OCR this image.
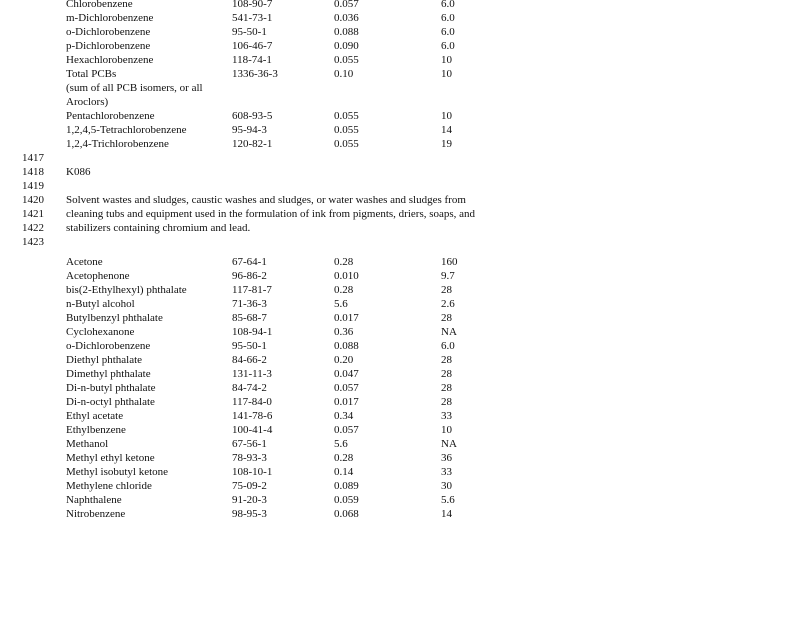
Chlorobenzene	108-90-7	0.057	6.0
m-Dichlorobenzene	541-73-1	0.036	6.0
o-Dichlorobenzene	95-50-1	0.088	6.0
p-Dichlorobenzene	106-46-7	0.090	6.0
Hexachlorobenzene	118-74-1	0.055	10
Total PCBs	1336-36-3	0.10	10
(sum of all PCB isomers, or all
Aroclors)
Pentachlorobenzene	608-93-5	0.055	10
1,2,4,5-Tetrachlorobenzene	95-94-3	0.055	14
1,2,4-Trichlorobenzene	120-82-1	0.055	19
1417
1418 K086
1419
1420 Solvent wastes and sludges, caustic washes and sludges, or water washes and sludges from
1421 cleaning tubs and equipment used in the formulation of ink from pigments, driers, soaps, and
1422 stabilizers containing chromium and lead.
1423
Acetone	67-64-1	0.28	160
Acetophenone	96-86-2	0.010	9.7
bis(2-Ethylhexyl) phthalate	117-81-7	0.28	28
n-Butyl alcohol	71-36-3	5.6	2.6
Butylbenzyl phthalate	85-68-7	0.017	28
Cyclohexanone	108-94-1	0.36	NA
o-Dichlorobenzene	95-50-1	0.088	6.0
Diethyl phthalate	84-66-2	0.20	28
Dimethyl phthalate	131-11-3	0.047	28
Di-n-butyl phthalate	84-74-2	0.057	28
Di-n-octyl phthalate	117-84-0	0.017	28
Ethyl acetate	141-78-6	0.34	33
Ethylbenzene	100-41-4	0.057	10
Methanol	67-56-1	5.6	NA
Methyl ethyl ketone	78-93-3	0.28	36
Methyl isobutyl ketone	108-10-1	0.14	33
Methylene chloride	75-09-2	0.089	30
Naphthalene	91-20-3	0.059	5.6
Nitrobenzene	98-95-3	0.068	14
